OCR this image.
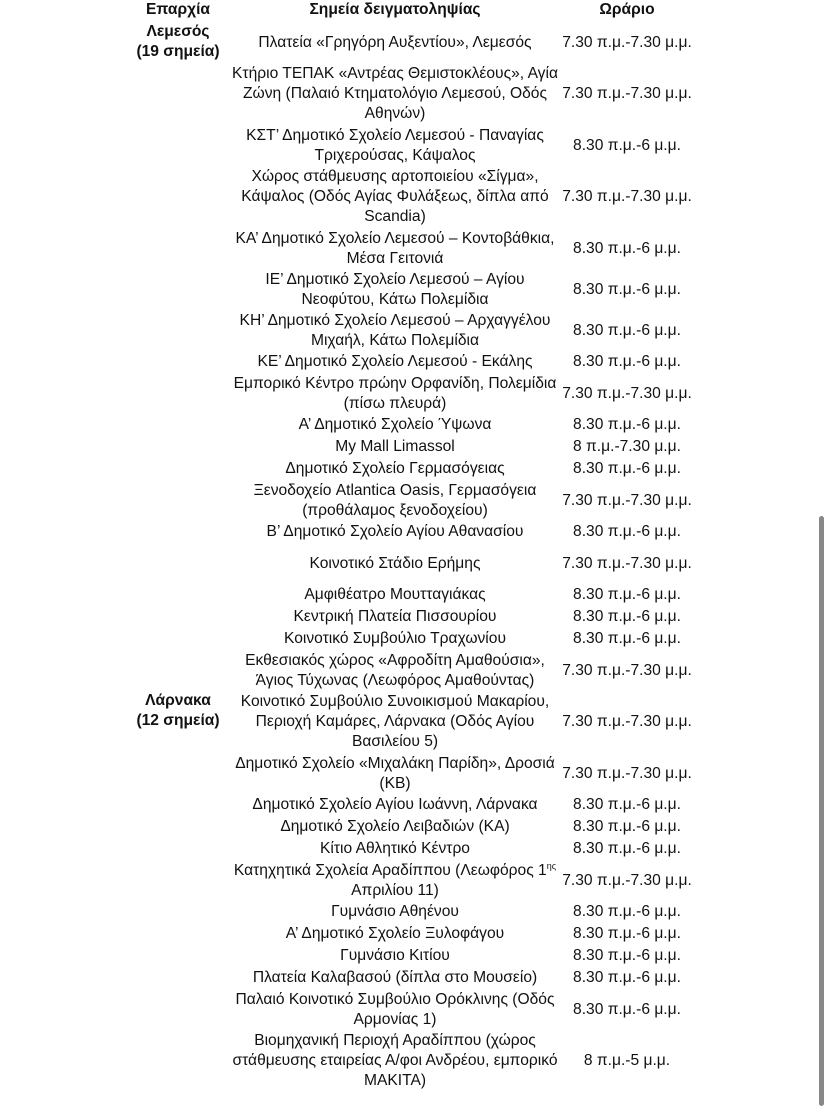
Επαρχία	Σημεία δειγματοληψίας	Ωράριο

Λεμεσός
(19 σημεία)	Πλατεία «Γρηγόρη Αυξεντίου», Λεμεσός	7.30 π.μ.-7.30 μ.μ.
	Κτήριο ΤΕΠΑΚ «Αντρέας Θεμιστοκλέους», Αγία Ζώνη (Παλαιό Κτηματολόγιο Λεμεσού, Οδός Αθηνών)	7.30 π.μ.-7.30 μ.μ.
	ΚΣΤ’ Δημοτικό Σχολείο Λεμεσού - Παναγίας Τριχερούσας, Κάψαλος	8.30 π.μ.-6 μ.μ.
	Χώρος στάθμευσης αρτοποιείου «Σίγμα», Κάψαλος (Οδός Αγίας Φυλάξεως, δίπλα από Scandia)	7.30 π.μ.-7.30 μ.μ.
	ΚΑ’ Δημοτικό Σχολείο Λεμεσού – Κοντοβάθκια, Μέσα Γειτονιά	8.30 π.μ.-6 μ.μ.
	ΙΕ’ Δημοτικό Σχολείο Λεμεσού – Αγίου Νεοφύτου, Κάτω Πολεμίδια	8.30 π.μ.-6 μ.μ.
	ΚΗ’ Δημοτικό Σχολείο Λεμεσού – Αρχαγγέλου Μιχαήλ, Κάτω Πολεμίδια	8.30 π.μ.-6 μ.μ.
	ΚΕ’ Δημοτικό Σχολείο Λεμεσού - Εκάλης	8.30 π.μ.-6 μ.μ.
	Εμπορικό Κέντρο πρώην Ορφανίδη, Πολεμίδια (πίσω πλευρά)	7.30 π.μ.-7.30 μ.μ.
	Α’ Δημοτικό Σχολείο Ύψωνα	8.30 π.μ.-6 μ.μ.
	My Mall Limassol	8 π.μ.-7.30 μ.μ.
	Δημοτικό Σχολείο Γερμασόγειας	8.30 π.μ.-6 μ.μ.
	Ξενοδοχείο Atlantica Oasis, Γερμασόγεια (προθάλαμος ξενοδοχείου)	7.30 π.μ.-7.30 μ.μ.
	Β’ Δημοτικό Σχολείο Αγίου Αθανασίου	8.30 π.μ.-6 μ.μ.
	Κοινοτικό Στάδιο Ερήμης	7.30 π.μ.-7.30 μ.μ.
	Αμφιθέατρο Μουτταγιάκας	8.30 π.μ.-6 μ.μ.
	Κεντρική Πλατεία Πισσουρίου	8.30 π.μ.-6 μ.μ.
	Κοινοτικό Συμβούλιο Τραχωνίου	8.30 π.μ.-6 μ.μ.
	Εκθεσιακός χώρος «Αφροδίτη Αμαθούσια», Άγιος Τύχωνας (Λεωφόρος Αμαθούντας)	7.30 π.μ.-7.30 μ.μ.

Λάρνακα
(12 σημεία)	Κοινοτικό Συμβούλιο Συνοικισμού Μακαρίου, Περιοχή Καμάρες, Λάρνακα (Οδός Αγίου Βασιλείου 5)	7.30 π.μ.-7.30 μ.μ.
	Δημοτικό Σχολείο «Μιχαλάκη Παρίδη», Δροσιά (ΚΒ)	7.30 π.μ.-7.30 μ.μ.
	Δημοτικό Σχολείο Αγίου Ιωάννη, Λάρνακα	8.30 π.μ.-6 μ.μ.
	Δημοτικό Σχολείο Λειβαδιών (ΚΑ)	8.30 π.μ.-6 μ.μ.
	Κίτιο Αθλητικό Κέντρο	8.30 π.μ.-6 μ.μ.
	Κατηχητικά Σχολεία Αραδίππου (Λεωφόρος $1^{\eta\varsigma}$ Απριλίου 11)	7.30 π.μ.-7.30 μ.μ.
	Γυμνάσιο Αθηένου	8.30 π.μ.-6 μ.μ.
	Α’ Δημοτικό Σχολείο Ξυλοφάγου	8.30 π.μ.-6 μ.μ.
	Γυμνάσιο Κιτίου	8.30 π.μ.-6 μ.μ.
	Πλατεία Καλαβασού (δίπλα στο Μουσείο)	8.30 π.μ.-6 μ.μ.
	Παλαιό Κοινοτικό Συμβούλιο Ορόκλινης (Οδός Αρμονίας 1)	8.30 π.μ.-6 μ.μ.
	Βιομηχανική Περιοχή Αραδίππου (χώρος στάθμευσης εταιρείας Α/φοι Ανδρέου, εμπορικό ΜΑΚΙΤΑ)	8 π.μ.-5 μ.μ.
